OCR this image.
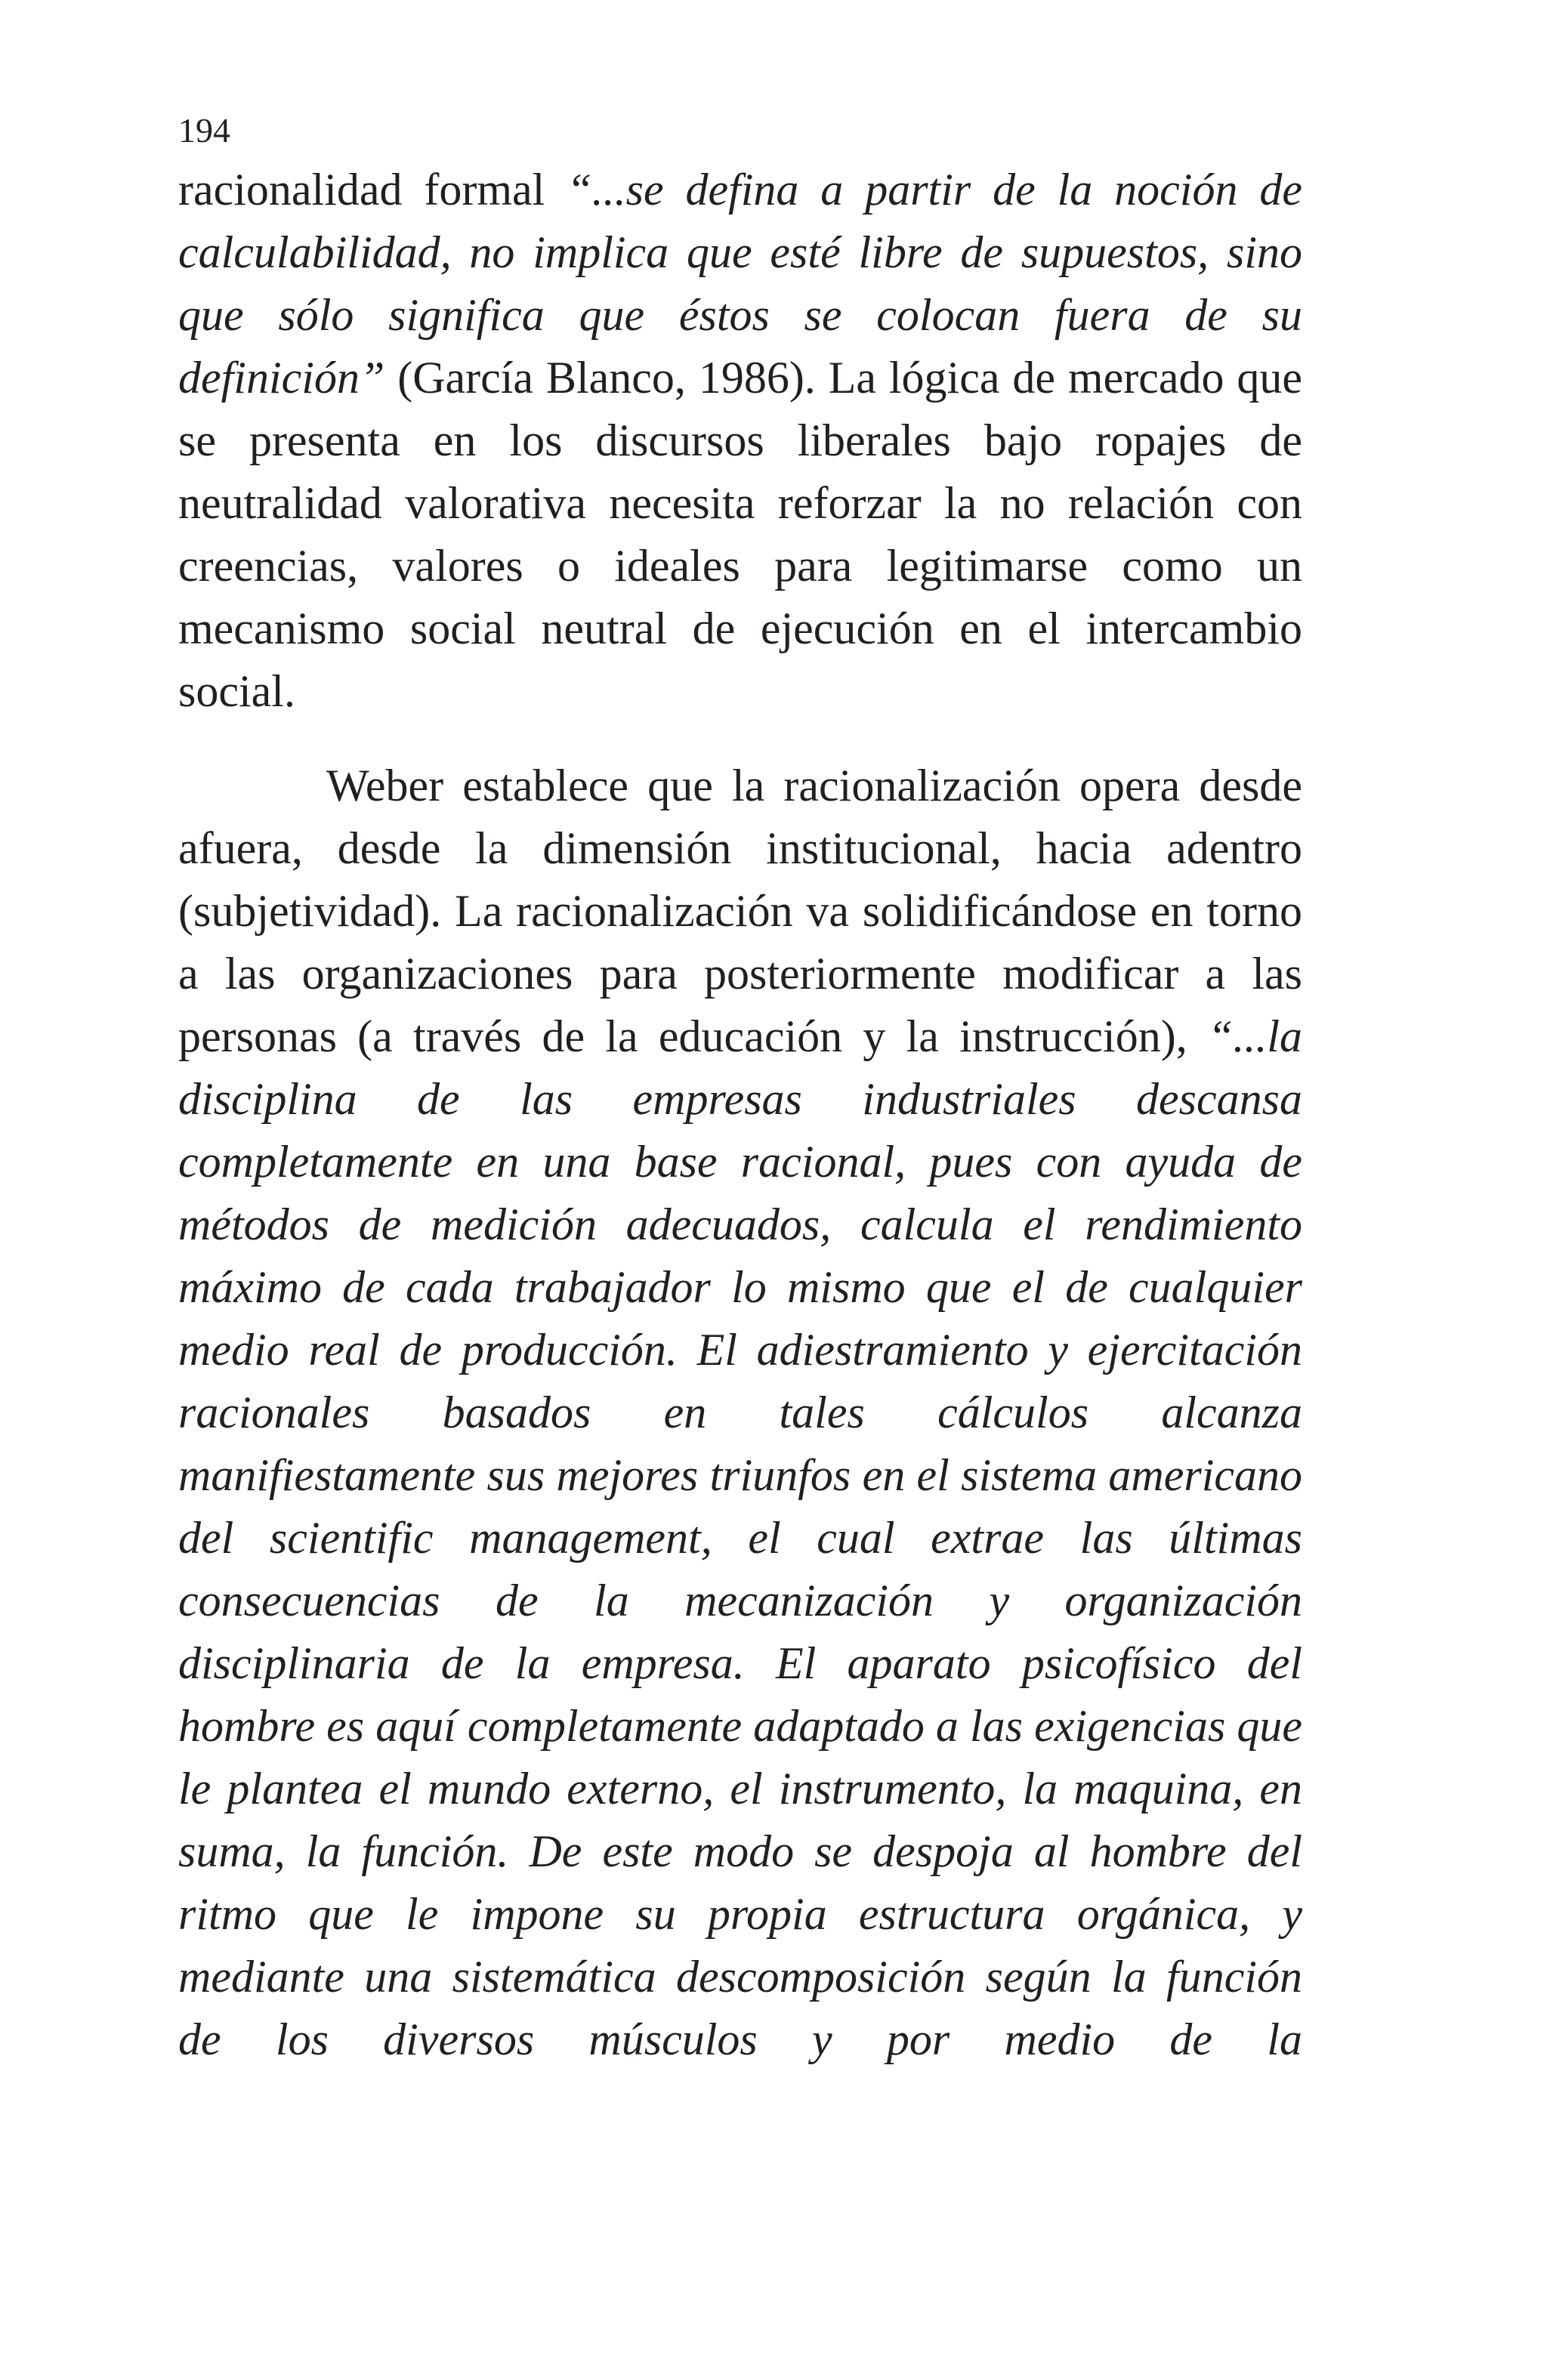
194

racionalidad formal “...se defina a partir de la noción de calculabilidad, no implica que esté libre de supuestos, sino que sólo significa que éstos se colocan fuera de su definición” (García Blanco, 1986). La lógica de mercado que se presenta en los discursos liberales bajo ropajes de neutralidad valorativa necesita reforzar la no relación con creencias, valores o ideales para legitimarse como un mecanismo social neutral de ejecución en el intercambio social.

Weber establece que la racionalización opera desde afuera, desde la dimensión institucional, hacia adentro (subjetividad). La racionalización va solidificándose en torno a las organizaciones para posteriormente modificar a las personas (a través de la educación y la instrucción), “...la disciplina de las empresas industriales descansa completamente en una base racional, pues con ayuda de métodos de medición adecuados, calcula el rendimiento máximo de cada trabajador lo mismo que el de cualquier medio real de producción. El adiestramiento y ejercitación racionales basados en tales cálculos alcanza manifiestamente sus mejores triunfos en el sistema americano del scientific management, el cual extrae las últimas consecuencias de la mecanización y organización disciplinaria de la empresa. El aparato psicofísico del hombre es aquí completamente adaptado a las exigencias que le plantea el mundo externo, el instrumento, la maquina, en suma, la función. De este modo se despoja al hombre del ritmo que le impone su propia estructura orgánica, y mediante una sistemática descomposición según la función de los diversos músculos y por medio de la
